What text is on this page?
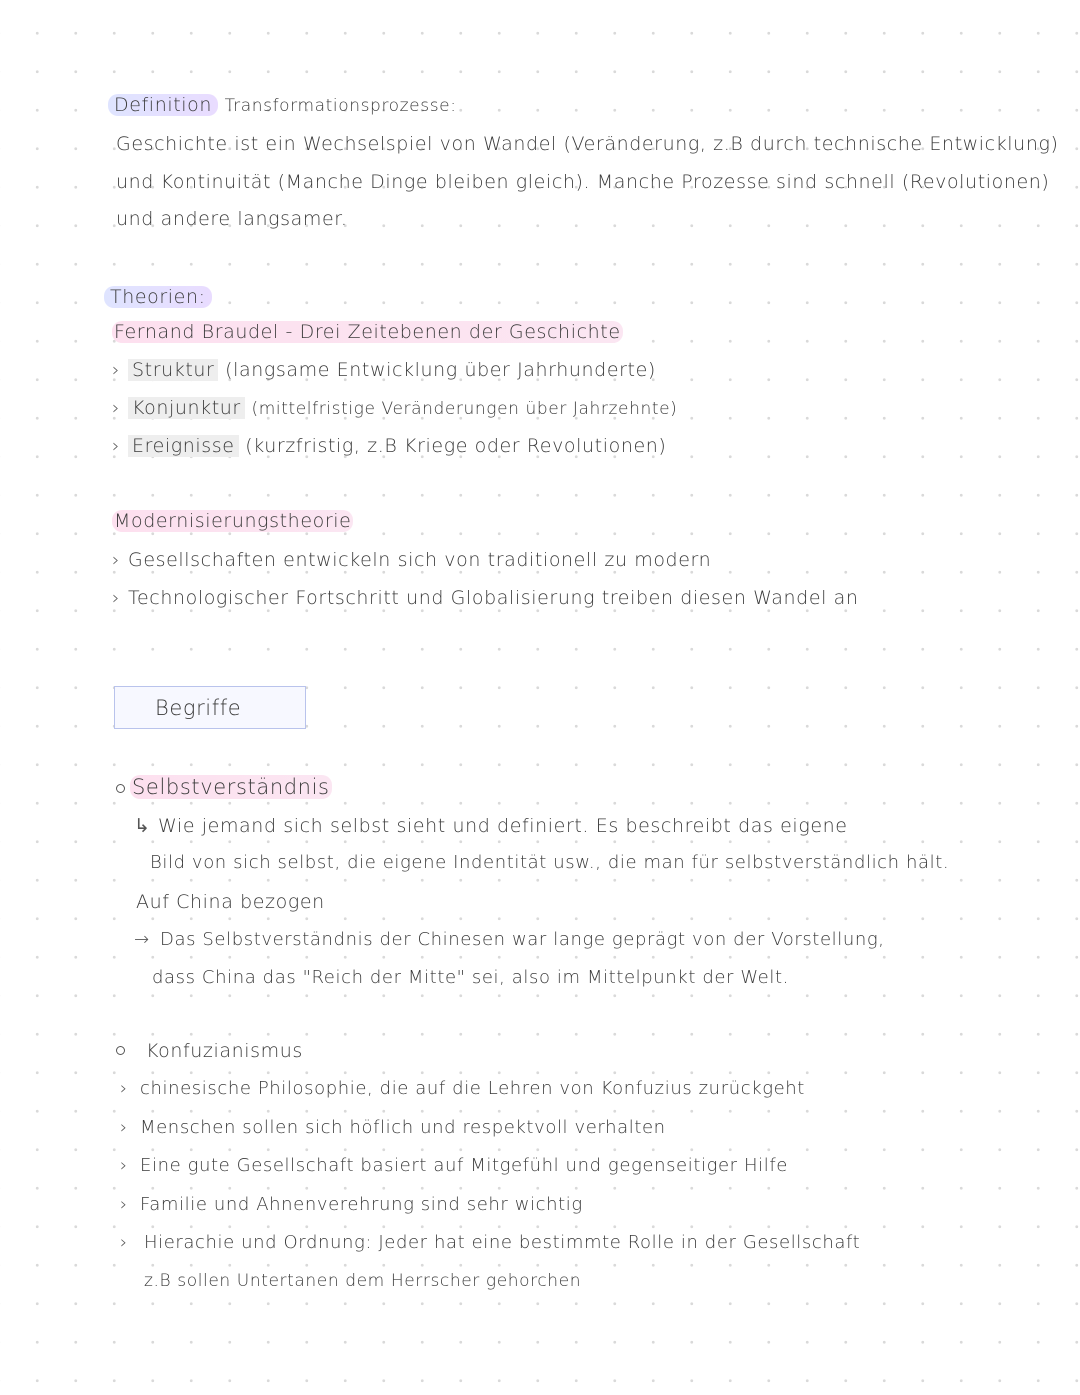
Definition Transformationsprozesse:
Geschichte ist ein Wechselspiel von Wandel (Veränderung, z.B durch technische Entwicklung)
und Kontinuität (Manche Dinge bleiben gleich). Manche Prozesse sind schnell (Revolutionen)
und andere langsamer.
Theorien:
Fernand Braudel - Drei Zeitebenen der Geschichte
› Struktur (langsame Entwicklung über Jahrhunderte)
› Konjunktur (mittelfristige Veränderungen über Jahrzehnte)
› Ereignisse (kurzfristig, z.B Kriege oder Revolutionen)
Modernisierungstheorie
› Gesellschaften entwickeln sich von traditionell zu modern
› Technologischer Fortschritt und Globalisierung treiben diesen Wandel an
Begriffe
Selbstverständnis
↳ Wie jemand sich selbst sieht und definiert. Es beschreibt das eigene
Bild von sich selbst, die eigene Indentität usw., die man für selbstverständlich hält.
Auf China bezogen
→ Das Selbstverständnis der Chinesen war lange geprägt von der Vorstellung,
dass China das "Reich der Mitte" sei, also im Mittelpunkt der Welt.
Konfuzianismus
› chinesische Philosophie, die auf die Lehren von Konfuzius zurückgeht
› Menschen sollen sich höflich und respektvoll verhalten
› Eine gute Gesellschaft basiert auf Mitgefühl und gegenseitiger Hilfe
› Familie und Ahnenverehrung sind sehr wichtig
› Hierachie und Ordnung: Jeder hat eine bestimmte Rolle in der Gesellschaft
z.B sollen Untertanen dem Herrscher gehorchen
